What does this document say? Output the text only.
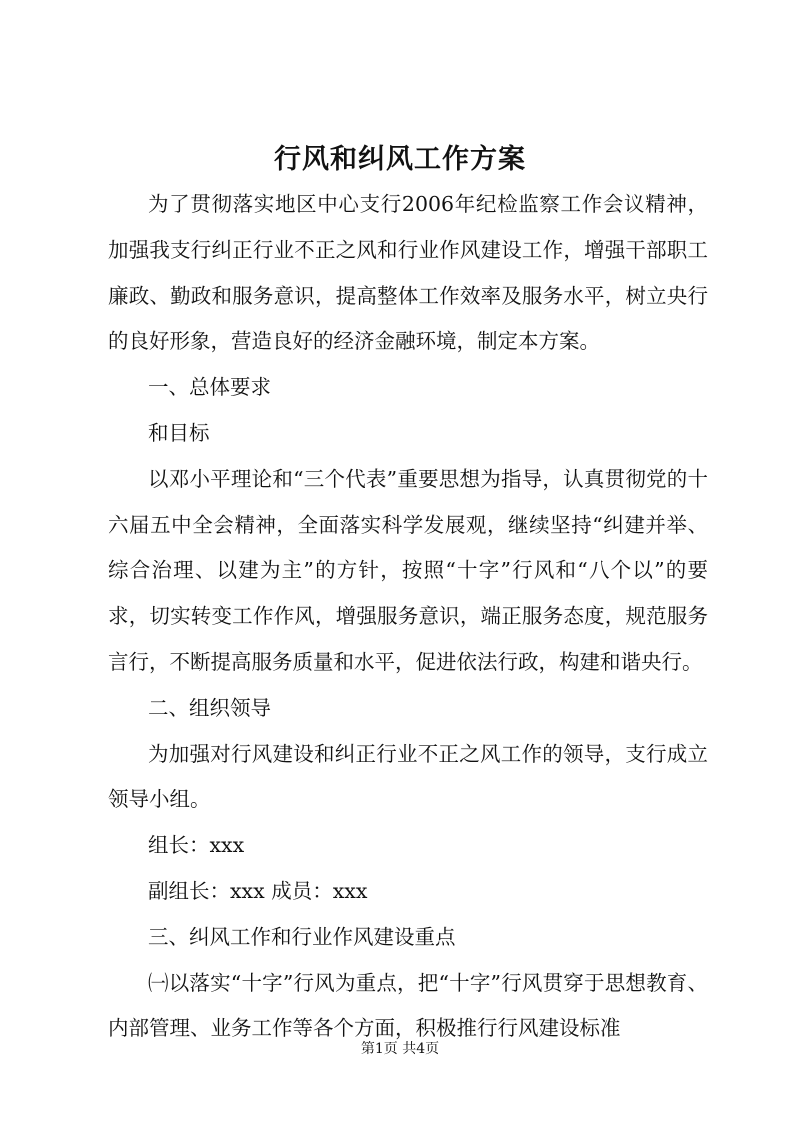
行风和纠风工作方案

为了贯彻落实地区中心支行2006年纪检监察工作会议精神，加强我支行纠正行业不正之风和行业作风建设工作，增强干部职工廉政、勤政和服务意识，提高整体工作效率及服务水平，树立央行的良好形象，营造良好的经济金融环境，制定本方案。

一、总体要求

和目标

以邓小平理论和“三个代表”重要思想为指导，认真贯彻党的十六届五中全会精神，全面落实科学发展观，继续坚持“纠建并举、综合治理、以建为主”的方针，按照“十字”行风和“八个以”的要求，切实转变工作作风，增强服务意识，端正服务态度，规范服务言行，不断提高服务质量和水平，促进依法行政，构建和谐央行。

二、组织领导

为加强对行风建设和纠正行业不正之风工作的领导，支行成立领导小组。

组长：xxx

副组长：xxx 成员：xxx

三、纠风工作和行业作风建设重点

㈠以落实“十字”行风为重点，把“十字”行风贯穿于思想教育、内部管理、业务工作等各个方面，积极推行行风建设标准

第1页 共4页
